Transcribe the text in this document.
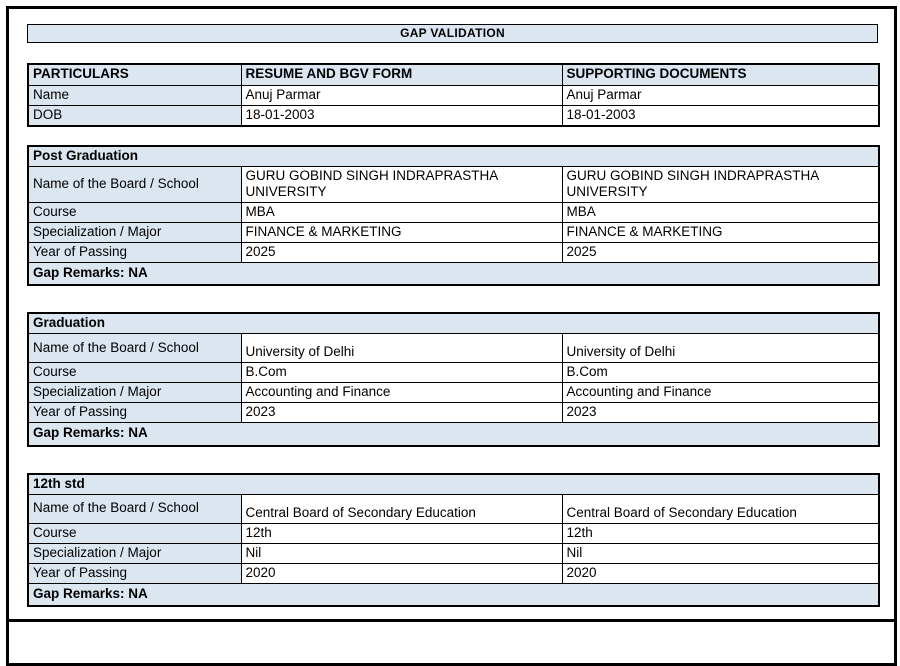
GAP VALIDATION
PARTICULARS	RESUME AND BGV FORM	SUPPORTING DOCUMENTS
Name	Anuj Parmar	Anuj Parmar
DOB	18-01-2003	18-01-2003
Post Graduation		
Name of the Board / School	GURU GOBIND SINGH INDRAPRASTHA UNIVERSITY	GURU GOBIND SINGH INDRAPRASTHA UNIVERSITY
Course	MBA	MBA
Specialization / Major	FINANCE & MARKETING	FINANCE & MARKETING
Year of Passing	2025	2025
Gap Remarks: NA		
Graduation		
Name of the Board / School	University of Delhi	University of Delhi
Course	B.Com	B.Com
Specialization / Major	Accounting and Finance	Accounting and Finance
Year of Passing	2023	2023
Gap Remarks: NA		
12th std		
Name of the Board / School	Central Board of Secondary Education	Central Board of Secondary Education
Course	12th	12th
Specialization / Major	Nil	Nil
Year of Passing	2020	2020
Gap Remarks: NA		
